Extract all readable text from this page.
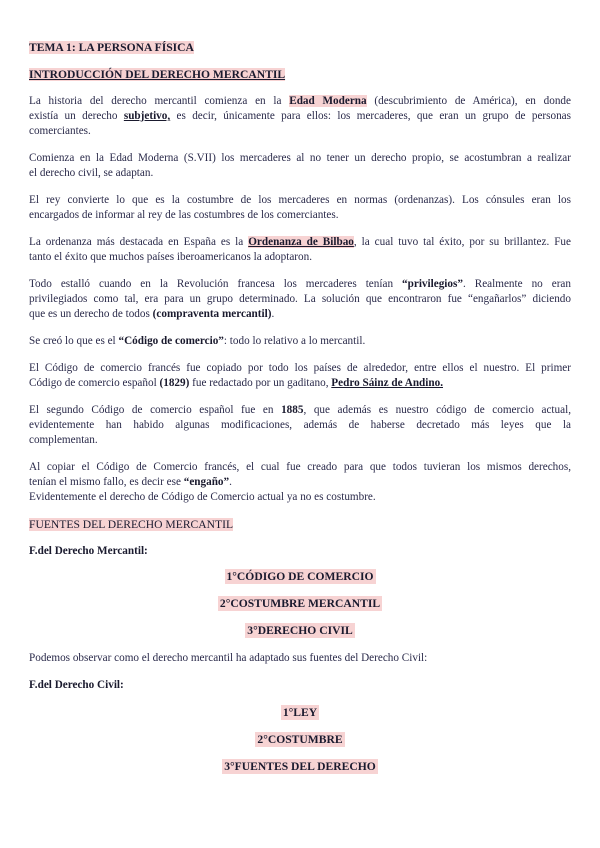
TEMA 1: LA PERSONA FÍSICA

INTRODUCCIÓN DEL DERECHO MERCANTIL

La historia del derecho mercantil comienza en la Edad Moderna (descubrimiento de América), en donde
existía un derecho subjetivo, es decir, únicamente para ellos: los mercaderes, que eran un grupo de personas
comerciantes.
Comienza en la Edad Moderna (S.VII) los mercaderes al no tener un derecho propio, se acostumbran a realizar
el derecho civil, se adaptan.
El rey convierte lo que es la costumbre de los mercaderes en normas (ordenanzas). Los cónsules eran los
encargados de informar al rey de las costumbres de los comerciantes.
La ordenanza más destacada en España es la Ordenanza de Bilbao, la cual tuvo tal éxito, por su brillantez. Fue
tanto el éxito que muchos países iberoamericanos la adoptaron.
Todo estalló cuando en la Revolución francesa los mercaderes tenían “privilegios”. Realmente no eran
privilegiados como tal, era para un grupo determinado. La solución que encontraron fue “engañarlos” diciendo
que es un derecho de todos (compraventa mercantil).
Se creó lo que es el “Código de comercio”: todo lo relativo a lo mercantil.
El Código de comercio francés fue copiado por todo los países de alrededor, entre ellos el nuestro. El primer
Código de comercio español (1829) fue redactado por un gaditano, Pedro Sáinz de Andino.
El segundo Código de comercio español fue en 1885, que además es nuestro código de comercio actual,
evidentemente han habido algunas modificaciones, además de haberse decretado más leyes que la
complementan.
Al copiar el Código de Comercio francés, el cual fue creado para que todos tuvieran los mismos derechos,
tenían el mismo fallo, es decir ese “engaño”.
Evidentemente el derecho de Código de Comercio actual ya no es costumbre.

FUENTES DEL DERECHO MERCANTIL

F.del Derecho Mercantil:

1°CÓDIGO DE COMERCIO
2°COSTUMBRE MERCANTIL
3°DERECHO CIVIL

Podemos observar como el derecho mercantil ha adaptado sus fuentes del Derecho Civil:

F.del Derecho Civil:

1°LEY
2°COSTUMBRE
3°FUENTES DEL DERECHO
